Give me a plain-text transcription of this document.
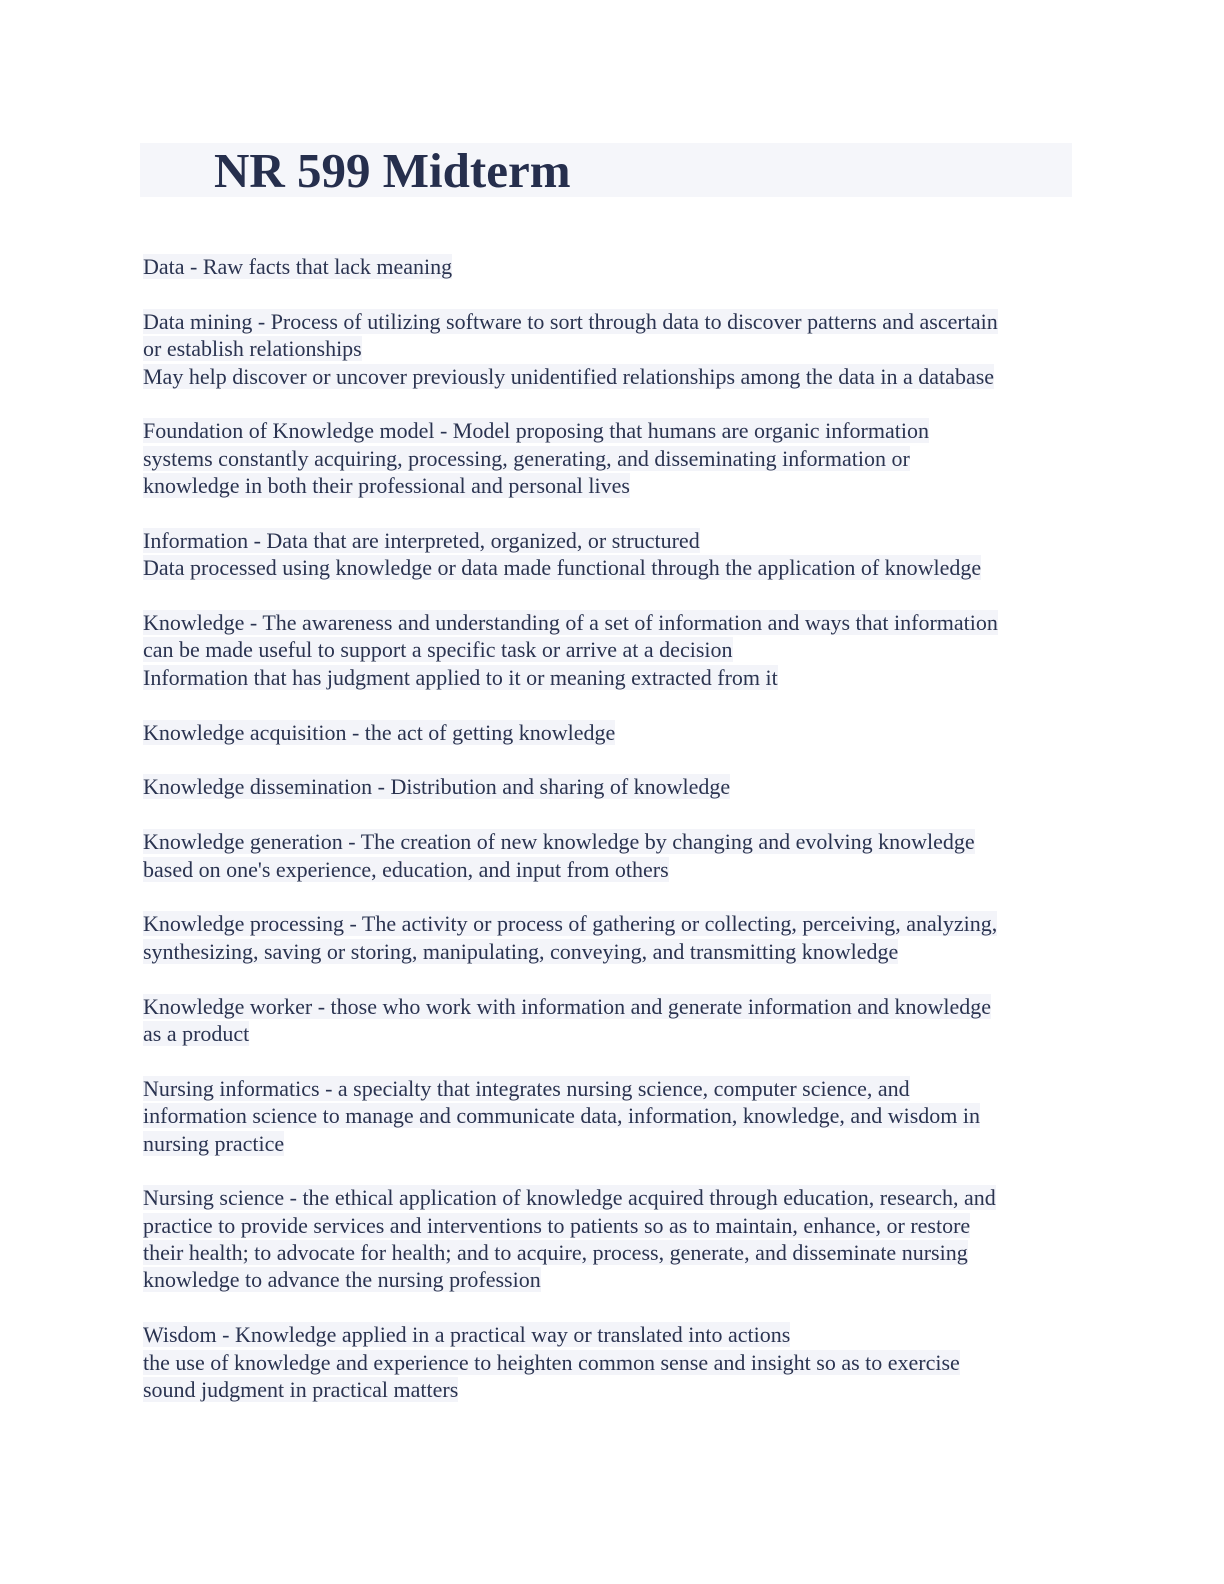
NR 599 Midterm
Data - Raw facts that lack meaning
Data mining - Process of utilizing software to sort through data to discover patterns and ascertain
or establish relationships
May help discover or uncover previously unidentified relationships among the data in a database
Foundation of Knowledge model - Model proposing that humans are organic information
systems constantly acquiring, processing, generating, and disseminating information or
knowledge in both their professional and personal lives
Information - Data that are interpreted, organized, or structured
Data processed using knowledge or data made functional through the application of knowledge
Knowledge - The awareness and understanding of a set of information and ways that information
can be made useful to support a specific task or arrive at a decision
Information that has judgment applied to it or meaning extracted from it
Knowledge acquisition - the act of getting knowledge
Knowledge dissemination - Distribution and sharing of knowledge
Knowledge generation - The creation of new knowledge by changing and evolving knowledge
based on one's experience, education, and input from others
Knowledge processing - The activity or process of gathering or collecting, perceiving, analyzing,
synthesizing, saving or storing, manipulating, conveying, and transmitting knowledge
Knowledge worker - those who work with information and generate information and knowledge
as a product
Nursing informatics - a specialty that integrates nursing science, computer science, and
information science to manage and communicate data, information, knowledge, and wisdom in
nursing practice
Nursing science - the ethical application of knowledge acquired through education, research, and
practice to provide services and interventions to patients so as to maintain, enhance, or restore
their health; to advocate for health; and to acquire, process, generate, and disseminate nursing
knowledge to advance the nursing profession
Wisdom - Knowledge applied in a practical way or translated into actions
the use of knowledge and experience to heighten common sense and insight so as to exercise
sound judgment in practical matters
